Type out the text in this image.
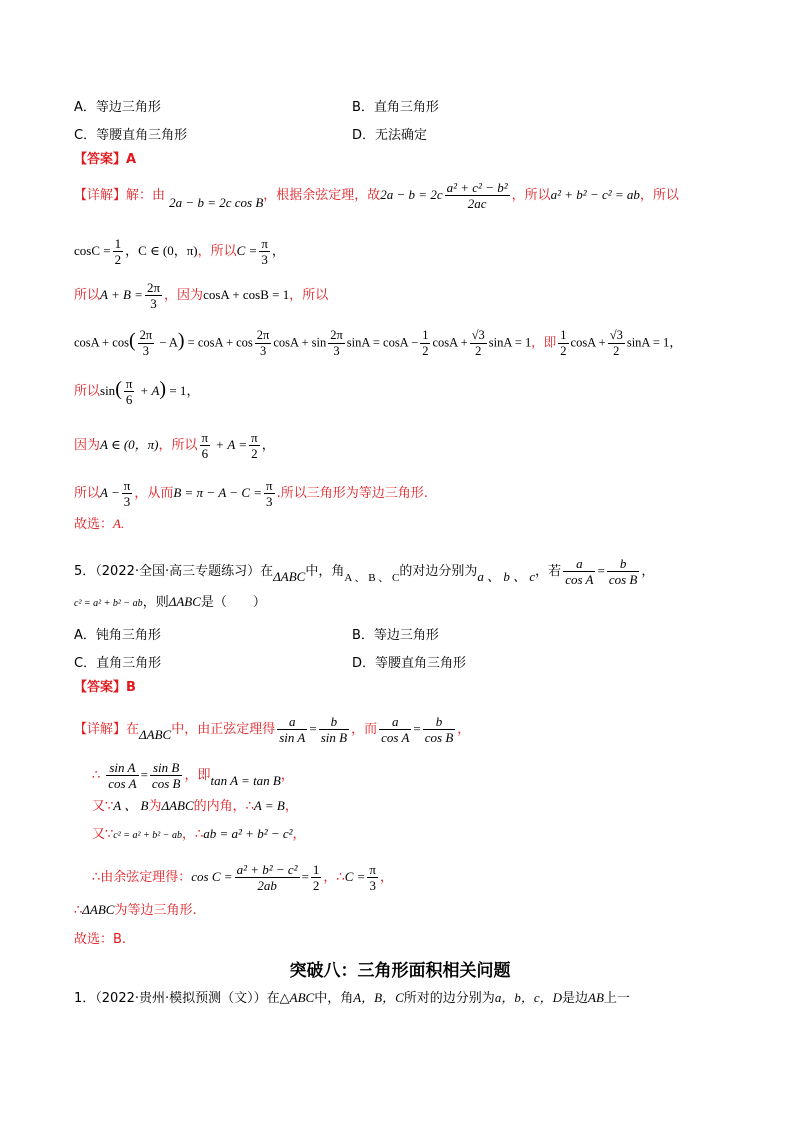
A．等边三角形	B．直角三角形
C．等腰直角三角形	D．无法确定
【答案】A
【详解】解：由 2a − b = 2c cos B，根据余弦定理，故$2a - b = 2c \frac{\text{a² + c² − b²}}{2ac}$ ，所以a² + b² − c² = ab，所以
$\cos C = \frac{1}{2}$ ，C ∈ (0，π)，所以$C = \frac{\pi}{3}$ ，
所以$A + B = \frac{2\pi}{3}$ ，因为cosA + cosB = 1，所以
$\cos A + \cos( \frac{2\pi}{3} - A) = \cos A + \cos \frac{2\pi}{3}$ $\cos A + \sin \frac{2\pi}{3}$ $\sin A = \cos A - \frac{1}{2}$ $\cos A + \frac{√3}{2}$ sinA = 1，即 $\frac{1}{2}$ $\cos A + \frac{√3}{2}$ sinA = 1，
所以$\sin( \frac{\pi}{6} + A) = 1$，
因为A ∈ (0，π)，所以 $\frac{\pi}{6} + A = \frac{\pi}{2}$ ，
所以$A - \frac{\pi}{3}$ ，从而$B = \pi - A - C = \frac{\pi}{3}$ .所以三角形为等边三角形.
故选：A.
5．（2022·全国·高三专题练习）在ΔABC中，角$_{A 、 B 、 C}$的对边分别为a 、 b 、 c，若 $\frac{a}{\text{cos A}} = \frac{b}{\text{cos B}}$ ，
c² = a² + b² − ab，则ΔABC是（　　）
A．钝角三角形	B．等边三角形
C．直角三角形	D．等腰直角三角形
【答案】B
【详解】在ΔABC中，由正弦定理得 $\frac{a}{\text{sin A}} = \frac{b}{\text{sin B}}$ ，而 $\frac{a}{\text{cos A}} = \frac{b}{\text{cos B}}$ ，
∴ $\frac{\text{sin A}}{\text{cos A}} = \frac{\text{sin B}}{\text{cos B}}$ ，即tan A = tan B，
又∵A 、 B为ΔABC的内角，∴A = B，
又∵c² = a² + b² − ab，∴ab = a² + b² − c²，
∴由余弦定理得：$\cos C = \frac{\text{a² + b² − c²}}{2ab} = \frac{1}{2}$ ，∴C = $\frac{\pi}{3}$ ，
∴ΔABC为等边三角形.
故选：B.
突破八：三角形面积相关问题
1．（2022·贵州·模拟预测（文））在△ABC中，角A，B，C所对的边分别为a，b，c，D是边AB上一
